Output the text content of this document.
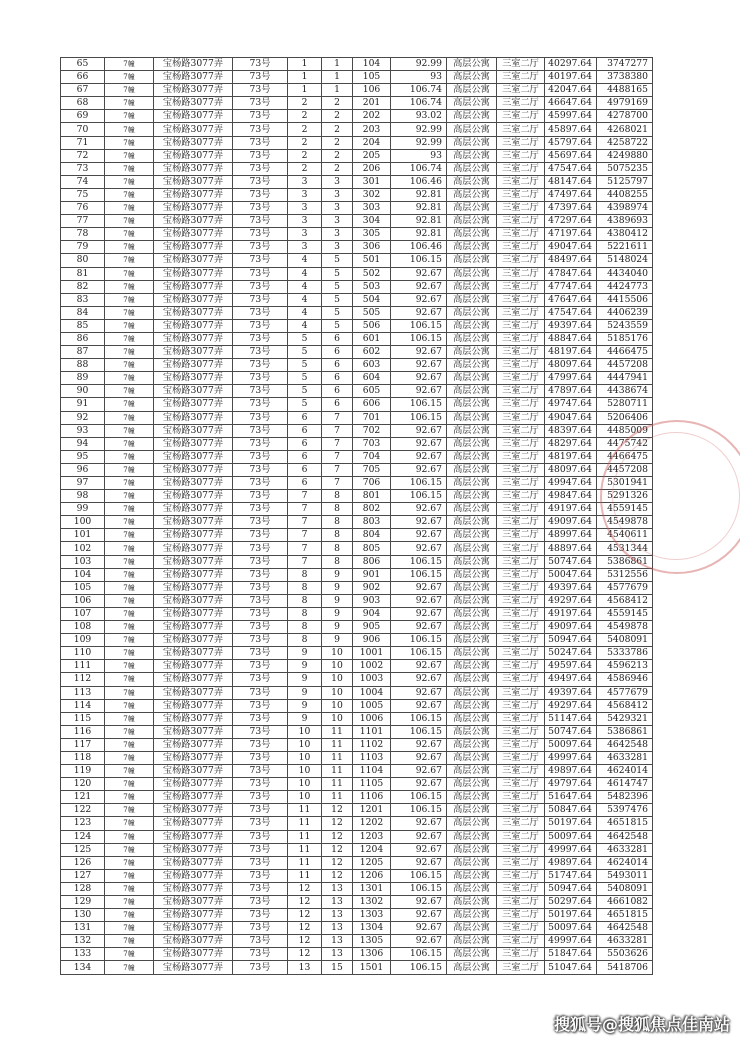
65	7幢	宝杨路3077弄	73号	1	1	104	92.99	高层公寓	三室二厅	40297.64	3747277
66	7幢	宝杨路3077弄	73号	1	1	105	93	高层公寓	三室二厅	40197.64	3738380
67	7幢	宝杨路3077弄	73号	1	1	106	106.74	高层公寓	三室二厅	42047.64	4488165
68	7幢	宝杨路3077弄	73号	2	2	201	106.74	高层公寓	三室二厅	46647.64	4979169
69	7幢	宝杨路3077弄	73号	2	2	202	93.02	高层公寓	三室二厅	45997.64	4278700
70	7幢	宝杨路3077弄	73号	2	2	203	92.99	高层公寓	三室二厅	45897.64	4268021
71	7幢	宝杨路3077弄	73号	2	2	204	92.99	高层公寓	三室二厅	45797.64	4258722
72	7幢	宝杨路3077弄	73号	2	2	205	93	高层公寓	三室二厅	45697.64	4249880
73	7幢	宝杨路3077弄	73号	2	2	206	106.74	高层公寓	三室二厅	47547.64	5075235
74	7幢	宝杨路3077弄	73号	3	3	301	106.46	高层公寓	三室二厅	48147.64	5125797
75	7幢	宝杨路3077弄	73号	3	3	302	92.81	高层公寓	三室二厅	47497.64	4408255
76	7幢	宝杨路3077弄	73号	3	3	303	92.81	高层公寓	三室二厅	47397.64	4398974
77	7幢	宝杨路3077弄	73号	3	3	304	92.81	高层公寓	三室二厅	47297.64	4389693
78	7幢	宝杨路3077弄	73号	3	3	305	92.81	高层公寓	三室二厅	47197.64	4380412
79	7幢	宝杨路3077弄	73号	3	3	306	106.46	高层公寓	三室二厅	49047.64	5221611
80	7幢	宝杨路3077弄	73号	4	5	501	106.15	高层公寓	三室二厅	48497.64	5148024
81	7幢	宝杨路3077弄	73号	4	5	502	92.67	高层公寓	三室二厅	47847.64	4434040
82	7幢	宝杨路3077弄	73号	4	5	503	92.67	高层公寓	三室二厅	47747.64	4424773
83	7幢	宝杨路3077弄	73号	4	5	504	92.67	高层公寓	三室二厅	47647.64	4415506
84	7幢	宝杨路3077弄	73号	4	5	505	92.67	高层公寓	三室二厅	47547.64	4406239
85	7幢	宝杨路3077弄	73号	4	5	506	106.15	高层公寓	三室二厅	49397.64	5243559
86	7幢	宝杨路3077弄	73号	5	6	601	106.15	高层公寓	三室二厅	48847.64	5185176
87	7幢	宝杨路3077弄	73号	5	6	602	92.67	高层公寓	三室二厅	48197.64	4466475
88	7幢	宝杨路3077弄	73号	5	6	603	92.67	高层公寓	三室二厅	48097.64	4457208
89	7幢	宝杨路3077弄	73号	5	6	604	92.67	高层公寓	三室二厅	47997.64	4447941
90	7幢	宝杨路3077弄	73号	5	6	605	92.67	高层公寓	三室二厅	47897.64	4438674
91	7幢	宝杨路3077弄	73号	5	6	606	106.15	高层公寓	三室二厅	49747.64	5280711
92	7幢	宝杨路3077弄	73号	6	7	701	106.15	高层公寓	三室二厅	49047.64	5206406
93	7幢	宝杨路3077弄	73号	6	7	702	92.67	高层公寓	三室二厅	48397.64	4485009
94	7幢	宝杨路3077弄	73号	6	7	703	92.67	高层公寓	三室二厅	48297.64	4475742
95	7幢	宝杨路3077弄	73号	6	7	704	92.67	高层公寓	三室二厅	48197.64	4466475
96	7幢	宝杨路3077弄	73号	6	7	705	92.67	高层公寓	三室二厅	48097.64	4457208
97	7幢	宝杨路3077弄	73号	6	7	706	106.15	高层公寓	三室二厅	49947.64	5301941
98	7幢	宝杨路3077弄	73号	7	8	801	106.15	高层公寓	三室二厅	49847.64	5291326
99	7幢	宝杨路3077弄	73号	7	8	802	92.67	高层公寓	三室二厅	49197.64	4559145
100	7幢	宝杨路3077弄	73号	7	8	803	92.67	高层公寓	三室二厅	49097.64	4549878
101	7幢	宝杨路3077弄	73号	7	8	804	92.67	高层公寓	三室二厅	48997.64	4540611
102	7幢	宝杨路3077弄	73号	7	8	805	92.67	高层公寓	三室二厅	48897.64	4531344
103	7幢	宝杨路3077弄	73号	7	8	806	106.15	高层公寓	三室二厅	50747.64	5386861
104	7幢	宝杨路3077弄	73号	8	9	901	106.15	高层公寓	三室二厅	50047.64	5312556
105	7幢	宝杨路3077弄	73号	8	9	902	92.67	高层公寓	三室二厅	49397.64	4577679
106	7幢	宝杨路3077弄	73号	8	9	903	92.67	高层公寓	三室二厅	49297.64	4568412
107	7幢	宝杨路3077弄	73号	8	9	904	92.67	高层公寓	三室二厅	49197.64	4559145
108	7幢	宝杨路3077弄	73号	8	9	905	92.67	高层公寓	三室二厅	49097.64	4549878
109	7幢	宝杨路3077弄	73号	8	9	906	106.15	高层公寓	三室二厅	50947.64	5408091
110	7幢	宝杨路3077弄	73号	9	10	1001	106.15	高层公寓	三室二厅	50247.64	5333786
111	7幢	宝杨路3077弄	73号	9	10	1002	92.67	高层公寓	三室二厅	49597.64	4596213
112	7幢	宝杨路3077弄	73号	9	10	1003	92.67	高层公寓	三室二厅	49497.64	4586946
113	7幢	宝杨路3077弄	73号	9	10	1004	92.67	高层公寓	三室二厅	49397.64	4577679
114	7幢	宝杨路3077弄	73号	9	10	1005	92.67	高层公寓	三室二厅	49297.64	4568412
115	7幢	宝杨路3077弄	73号	9	10	1006	106.15	高层公寓	三室二厅	51147.64	5429321
116	7幢	宝杨路3077弄	73号	10	11	1101	106.15	高层公寓	三室二厅	50747.64	5386861
117	7幢	宝杨路3077弄	73号	10	11	1102	92.67	高层公寓	三室二厅	50097.64	4642548
118	7幢	宝杨路3077弄	73号	10	11	1103	92.67	高层公寓	三室二厅	49997.64	4633281
119	7幢	宝杨路3077弄	73号	10	11	1104	92.67	高层公寓	三室二厅	49897.64	4624014
120	7幢	宝杨路3077弄	73号	10	11	1105	92.67	高层公寓	三室二厅	49797.64	4614747
121	7幢	宝杨路3077弄	73号	10	11	1106	106.15	高层公寓	三室二厅	51647.64	5482396
122	7幢	宝杨路3077弄	73号	11	12	1201	106.15	高层公寓	三室二厅	50847.64	5397476
123	7幢	宝杨路3077弄	73号	11	12	1202	92.67	高层公寓	三室二厅	50197.64	4651815
124	7幢	宝杨路3077弄	73号	11	12	1203	92.67	高层公寓	三室二厅	50097.64	4642548
125	7幢	宝杨路3077弄	73号	11	12	1204	92.67	高层公寓	三室二厅	49997.64	4633281
126	7幢	宝杨路3077弄	73号	11	12	1205	92.67	高层公寓	三室二厅	49897.64	4624014
127	7幢	宝杨路3077弄	73号	11	12	1206	106.15	高层公寓	三室二厅	51747.64	5493011
128	7幢	宝杨路3077弄	73号	12	13	1301	106.15	高层公寓	三室二厅	50947.64	5408091
129	7幢	宝杨路3077弄	73号	12	13	1302	92.67	高层公寓	三室二厅	50297.64	4661082
130	7幢	宝杨路3077弄	73号	12	13	1303	92.67	高层公寓	三室二厅	50197.64	4651815
131	7幢	宝杨路3077弄	73号	12	13	1304	92.67	高层公寓	三室二厅	50097.64	4642548
132	7幢	宝杨路3077弄	73号	12	13	1305	92.67	高层公寓	三室二厅	49997.64	4633281
133	7幢	宝杨路3077弄	73号	12	13	1306	106.15	高层公寓	三室二厅	51847.64	5503626
134	7幢	宝杨路3077弄	73号	13	15	1501	106.15	高层公寓	三室二厅	51047.64	5418706
搜狐号@搜狐焦点佳南站
